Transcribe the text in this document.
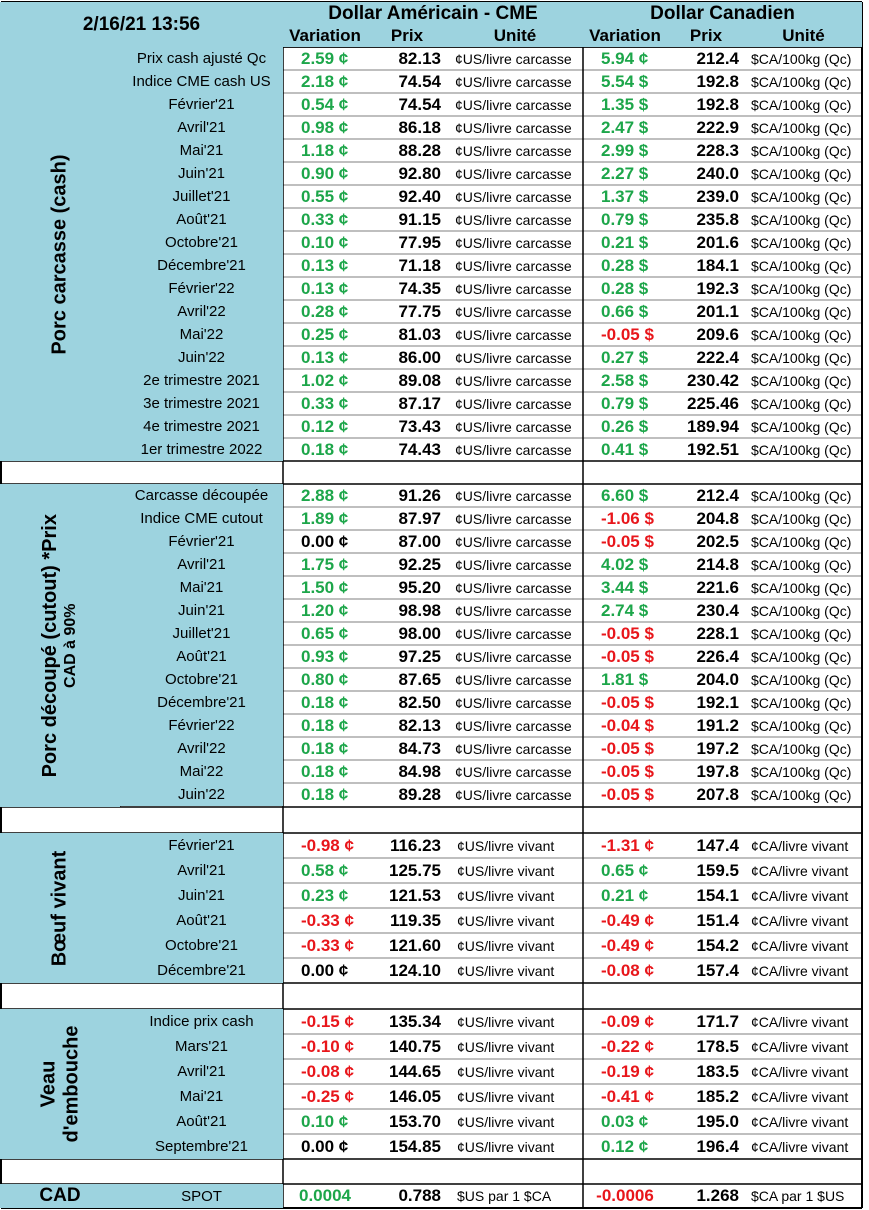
2/16/21 13:56
Dollar Américain - CME
Variation	Prix	Unité
Dollar Canadien
Variation	Prix	Unité
Porc carcasse (cash)
Prix cash ajusté Qc	2.59 ¢	82.13	¢US/livre carcasse	5.94 ¢	212.4 $CA/100kg (Qc)
Indice CME cash US	2.18 ¢	74.54	¢US/livre carcasse	5.54 $	192.8 $CA/100kg (Qc)
Février'21	0.54 ¢	74.54	¢US/livre carcasse	1.35 $	192.8 $CA/100kg (Qc)
Avril'21	0.98 ¢	86.18	¢US/livre carcasse	2.47 $	222.9 $CA/100kg (Qc)
Mai'21	1.18 ¢	88.28	¢US/livre carcasse	2.99 $	228.3 $CA/100kg (Qc)
Juin'21	0.90 ¢	92.80	¢US/livre carcasse	2.27 $	240.0 $CA/100kg (Qc)
Juillet'21	0.55 ¢	92.40	¢US/livre carcasse	1.37 $	239.0 $CA/100kg (Qc)
Août'21	0.33 ¢	91.15	¢US/livre carcasse	0.79 $	235.8 $CA/100kg (Qc)
Octobre'21	0.10 ¢	77.95	¢US/livre carcasse	0.21 $	201.6 $CA/100kg (Qc)
Décembre'21	0.13 ¢	71.18	¢US/livre carcasse	0.28 $	184.1 $CA/100kg (Qc)
Février'22	0.13 ¢	74.35	¢US/livre carcasse	0.28 $	192.3 $CA/100kg (Qc)
Avril'22	0.28 ¢	77.75	¢US/livre carcasse	0.66 $	201.1 $CA/100kg (Qc)
Mai'22	0.25 ¢	81.03	¢US/livre carcasse	-0.05 $	209.6 $CA/100kg (Qc)
Juin'22	0.13 ¢	86.00	¢US/livre carcasse	0.27 $	222.4 $CA/100kg (Qc)
2e trimestre 2021	1.02 ¢	89.08	¢US/livre carcasse	2.58 $	230.42 $CA/100kg (Qc)
3e trimestre 2021	0.33 ¢	87.17	¢US/livre carcasse	0.79 $	225.46 $CA/100kg (Qc)
4e trimestre 2021	0.12 ¢	73.43	¢US/livre carcasse	0.26 $	189.94 $CA/100kg (Qc)
1er trimestre 2022	0.18 ¢	74.43	¢US/livre carcasse	0.41 $	192.51 $CA/100kg (Qc)
Porc découpé (cutout) *Prix CAD à 90%
Carcasse découpée	2.88 ¢	91.26	¢US/livre carcasse	6.60 $	212.4 $CA/100kg (Qc)
Indice CME cutout	1.89 ¢	87.97	¢US/livre carcasse	-1.06 $	204.8 $CA/100kg (Qc)
Février'21	0.00 ¢	87.00	¢US/livre carcasse	-0.05 $	202.5 $CA/100kg (Qc)
Avril'21	1.75 ¢	92.25	¢US/livre carcasse	4.02 $	214.8 $CA/100kg (Qc)
Mai'21	1.50 ¢	95.20	¢US/livre carcasse	3.44 $	221.6 $CA/100kg (Qc)
Juin'21	1.20 ¢	98.98	¢US/livre carcasse	2.74 $	230.4 $CA/100kg (Qc)
Juillet'21	0.65 ¢	98.00	¢US/livre carcasse	-0.05 $	228.1 $CA/100kg (Qc)
Août'21	0.93 ¢	97.25	¢US/livre carcasse	-0.05 $	226.4 $CA/100kg (Qc)
Octobre'21	0.80 ¢	87.65	¢US/livre carcasse	1.81 $	204.0 $CA/100kg (Qc)
Décembre'21	0.18 ¢	82.50	¢US/livre carcasse	-0.05 $	192.1 $CA/100kg (Qc)
Février'22	0.18 ¢	82.13	¢US/livre carcasse	-0.04 $	191.2 $CA/100kg (Qc)
Avril'22	0.18 ¢	84.73	¢US/livre carcasse	-0.05 $	197.2 $CA/100kg (Qc)
Mai'22	0.18 ¢	84.98	¢US/livre carcasse	-0.05 $	197.8 $CA/100kg (Qc)
Juin'22	0.18 ¢	89.28	¢US/livre carcasse	-0.05 $	207.8 $CA/100kg (Qc)
Bœuf vivant
Février'21	-0.98 ¢	116.23	¢US/livre vivant	-1.31 ¢	147.4 ¢CA/livre vivant
Avril'21	0.58 ¢	125.75	¢US/livre vivant	0.65 ¢	159.5 ¢CA/livre vivant
Juin'21	0.23 ¢	121.53	¢US/livre vivant	0.21 ¢	154.1 ¢CA/livre vivant
Août'21	-0.33 ¢	119.35	¢US/livre vivant	-0.49 ¢	151.4 ¢CA/livre vivant
Octobre'21	-0.33 ¢	121.60	¢US/livre vivant	-0.49 ¢	154.2 ¢CA/livre vivant
Décembre'21	0.00 ¢	124.10	¢US/livre vivant	-0.08 ¢	157.4 ¢CA/livre vivant
Veau d'embouche
Indice prix cash	-0.15 ¢	135.34	¢US/livre vivant	-0.09 ¢	171.7 ¢CA/livre vivant
Mars'21	-0.10 ¢	140.75	¢US/livre vivant	-0.22 ¢	178.5 ¢CA/livre vivant
Avril'21	-0.08 ¢	144.65	¢US/livre vivant	-0.19 ¢	183.5 ¢CA/livre vivant
Mai'21	-0.25 ¢	146.05	¢US/livre vivant	-0.41 ¢	185.2 ¢CA/livre vivant
Août'21	0.10 ¢	153.70	¢US/livre vivant	0.03 ¢	195.0 ¢CA/livre vivant
Septembre'21	0.00 ¢	154.85	¢US/livre vivant	0.12 ¢	196.4 ¢CA/livre vivant
CAD	SPOT	0.0004	0.788	$US par 1 $CA	-0.0006	1.268 $CA par 1 $US
